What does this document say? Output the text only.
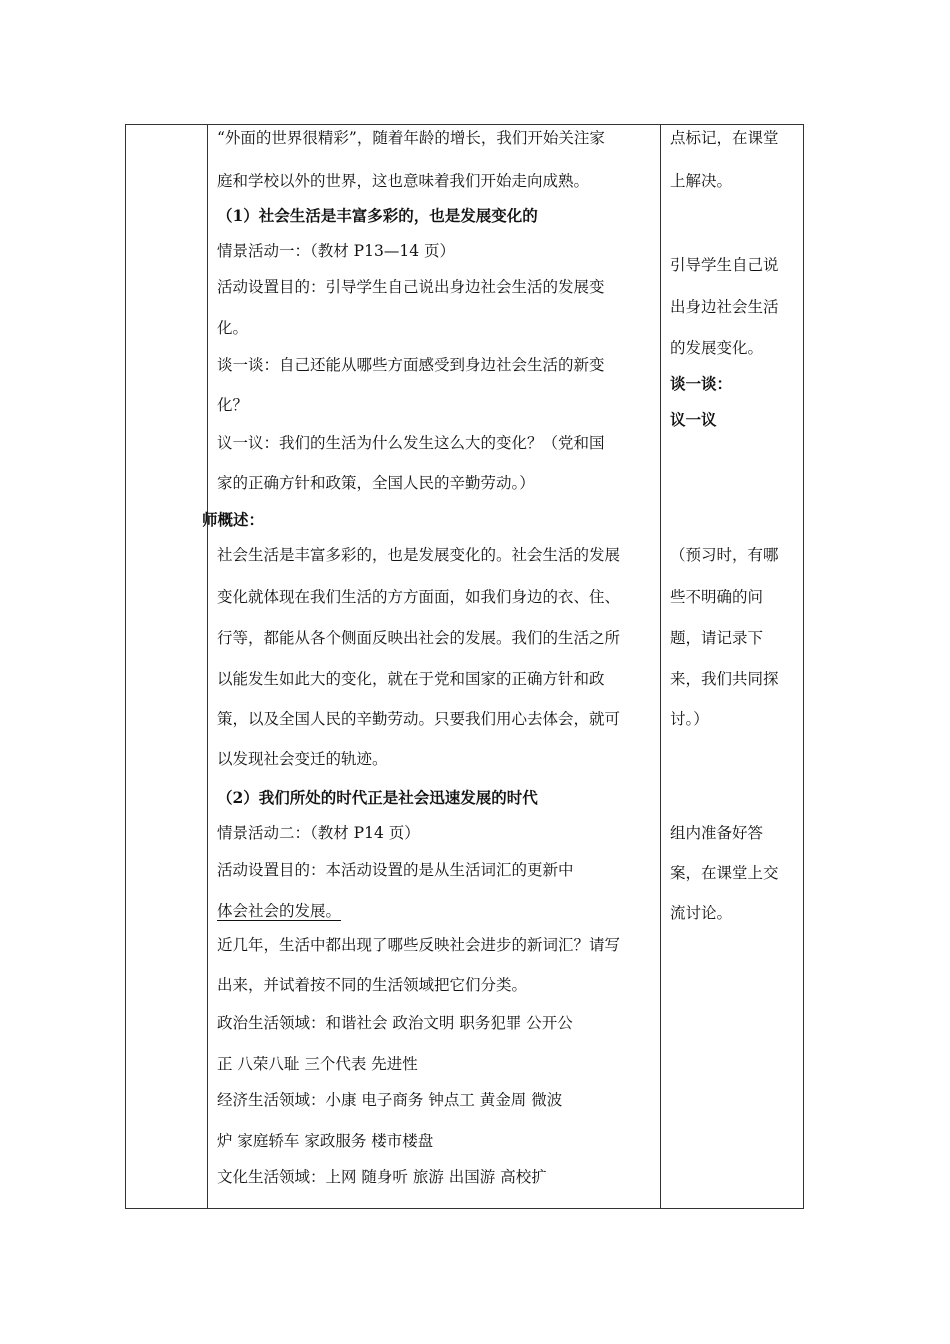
“外面的世界很精彩”，随着年龄的增长，我们开始关注家
庭和学校以外的世界，这也意味着我们开始走向成熟。
（1）社会生活是丰富多彩的，也是发展变化的
情景活动一：（教材 P13—14 页）
活动设置目的：引导学生自己说出身边社会生活的发展变
化。
谈一谈：自己还能从哪些方面感受到身边社会生活的新变
化？
议一议：我们的生活为什么发生这么大的变化？（党和国
家的正确方针和政策，全国人民的辛勤劳动。）
师概述：
社会生活是丰富多彩的，也是发展变化的。社会生活的发展
变化就体现在我们生活的方方面面，如我们身边的衣、住、
行等，都能从各个侧面反映出社会的发展。我们的生活之所
以能发生如此大的变化，就在于党和国家的正确方针和政
策，以及全国人民的辛勤劳动。只要我们用心去体会，就可
以发现社会变迁的轨迹。
（2）我们所处的时代正是社会迅速发展的时代
情景活动二：（教材 P14 页）
活动设置目的：本活动设置的是从生活词汇的更新中
体会社会的发展。
近几年，生活中都出现了哪些反映社会进步的新词汇？请写
出来，并试着按不同的生活领域把它们分类。
政治生活领域：和谐社会 政治文明 职务犯罪 公开公
正 八荣八耻 三个代表 先进性
经济生活领域：小康 电子商务 钟点工 黄金周 微波
炉 家庭轿车 家政服务 楼市楼盘
文化生活领域：上网 随身听 旅游 出国游 高校扩
点标记，在课堂
上解决。
引导学生自己说
出身边社会生活
的发展变化。
谈一谈：
议一议
（预习时，有哪
些不明确的问
题，请记录下
来，我们共同探
讨。）
组内准备好答
案，在课堂上交
流讨论。
